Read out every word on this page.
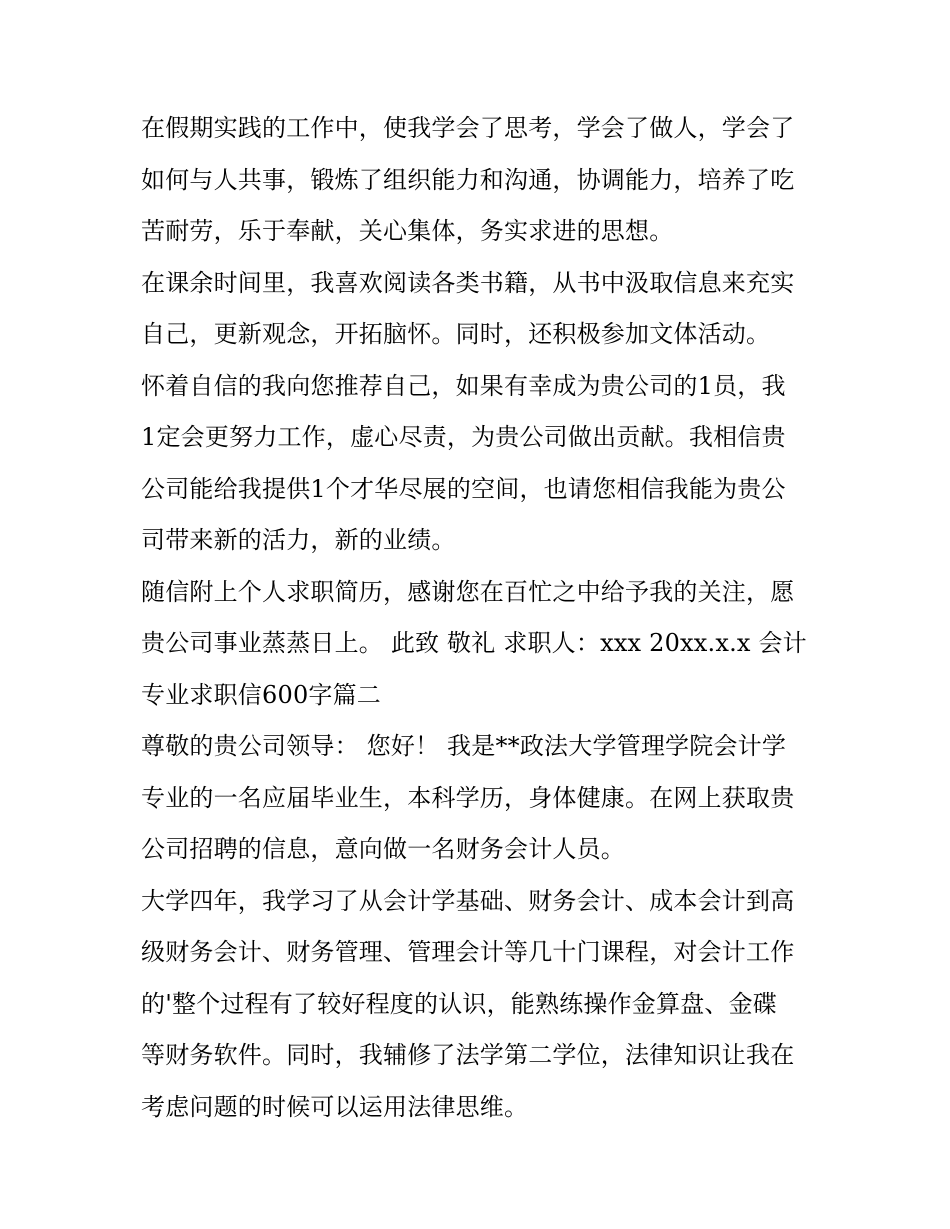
在假期实践的工作中，使我学会了思考，学会了做人，学会了
如何与人共事，锻炼了组织能力和沟通，协调能力，培养了吃
苦耐劳，乐于奉献，关心集体，务实求进的思想。
在课余时间里，我喜欢阅读各类书籍，从书中汲取信息来充实
自己，更新观念，开拓脑怀。同时，还积极参加文体活动。
怀着自信的我向您推荐自己，如果有幸成为贵公司的1员，我
1定会更努力工作，虚心尽责，为贵公司做出贡献。我相信贵
公司能给我提供1个才华尽展的空间，也请您相信我能为贵公
司带来新的活力，新的业绩。
随信附上个人求职简历，感谢您在百忙之中给予我的关注，愿
贵公司事业蒸蒸日上。 此致 敬礼 求职人：xxx 20xx.x.x 会计
专业求职信600字篇二
尊敬的贵公司领导： 您好！ 我是**政法大学管理学院会计学
专业的一名应届毕业生，本科学历，身体健康。在网上获取贵
公司招聘的信息，意向做一名财务会计人员。
大学四年，我学习了从会计学基础、财务会计、成本会计到高
级财务会计、财务管理、管理会计等几十门课程，对会计工作
的'整个过程有了较好程度的认识，能熟练操作金算盘、金碟
等财务软件。同时，我辅修了法学第二学位，法律知识让我在
考虑问题的时候可以运用法律思维。
